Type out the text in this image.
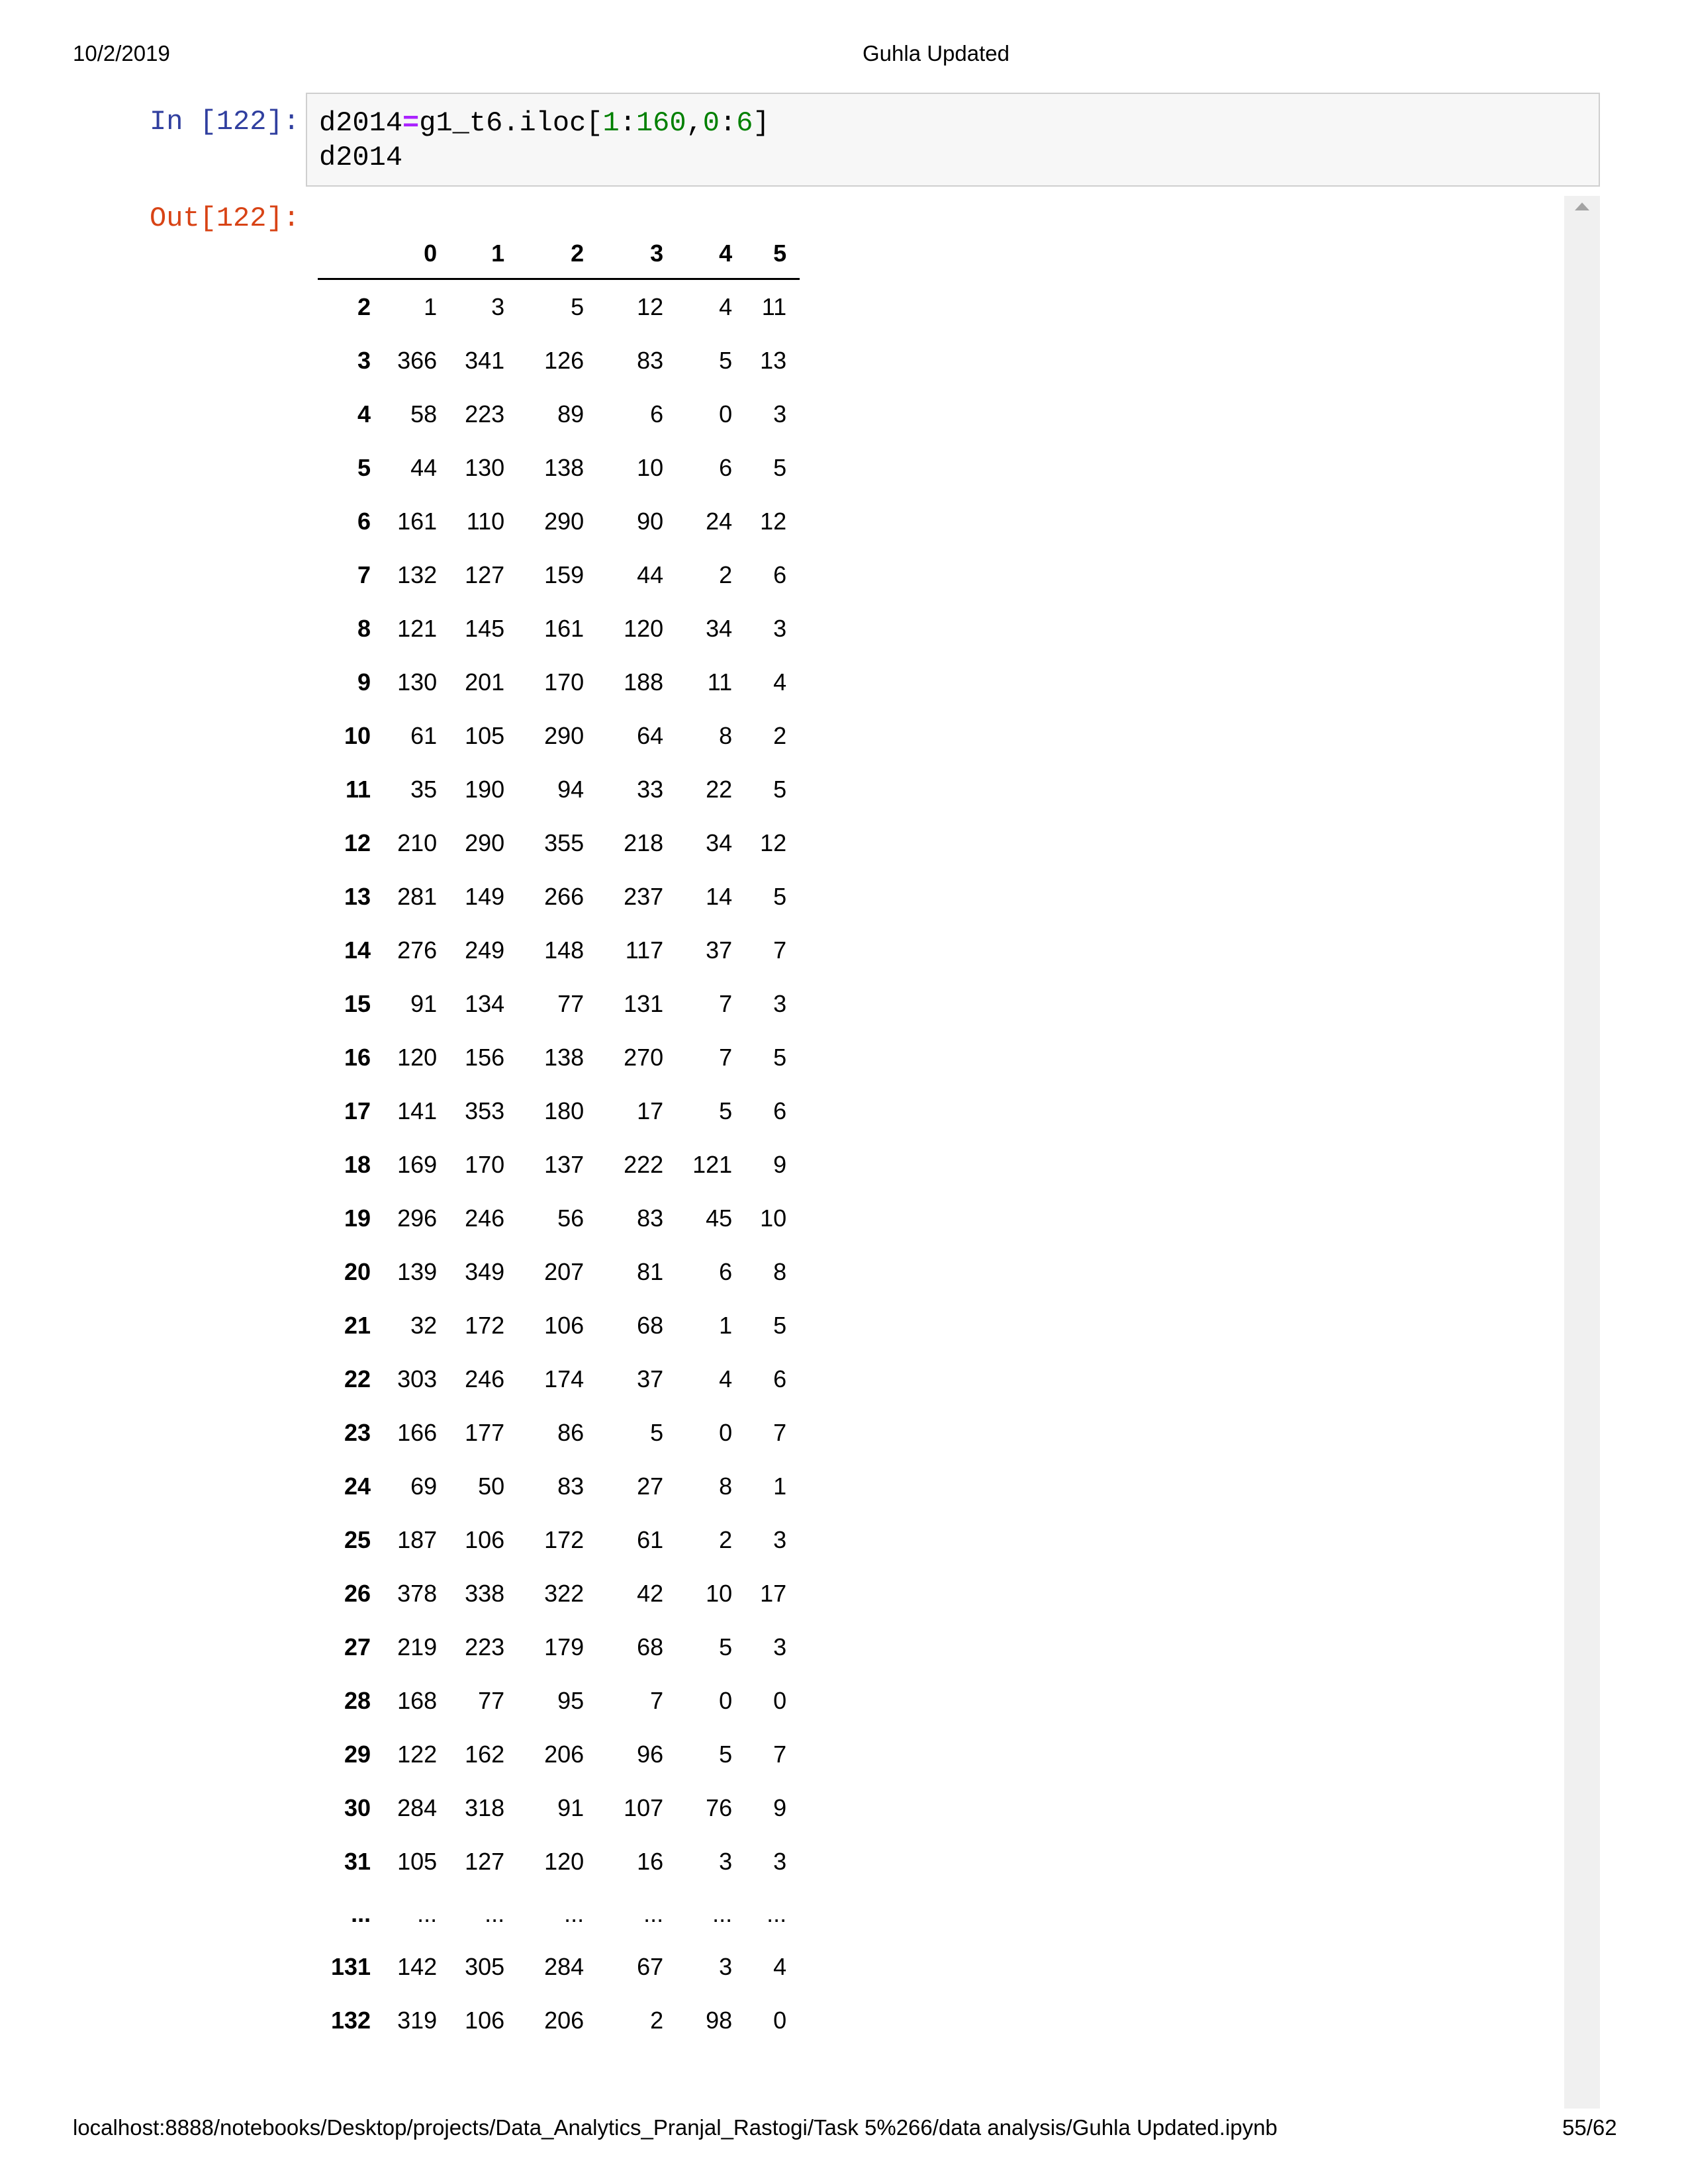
10/2/2019	Guhla Updated
In [122]: d2014=g1_t6.iloc[1:160,0:6]
d2014
Out[122]:
	0	1	2	3	4	5
2	1	3	5	12	4	11
3	366	341	126	83	5	13
4	58	223	89	6	0	3
5	44	130	138	10	6	5
6	161	110	290	90	24	12
7	132	127	159	44	2	6
8	121	145	161	120	34	3
9	130	201	170	188	11	4
10	61	105	290	64	8	2
11	35	190	94	33	22	5
12	210	290	355	218	34	12
13	281	149	266	237	14	5
14	276	249	148	117	37	7
15	91	134	77	131	7	3
16	120	156	138	270	7	5
17	141	353	180	17	5	6
18	169	170	137	222	121	9
19	296	246	56	83	45	10
20	139	349	207	81	6	8
21	32	172	106	68	1	5
22	303	246	174	37	4	6
23	166	177	86	5	0	7
24	69	50	83	27	8	1
25	187	106	172	61	2	3
26	378	338	322	42	10	17
27	219	223	179	68	5	3
28	168	77	95	7	0	0
29	122	162	206	96	5	7
30	284	318	91	107	76	9
31	105	127	120	16	3	3
...	...	...	...	...	...	...
131	142	305	284	67	3	4
132	319	106	206	2	98	0
localhost:8888/notebooks/Desktop/projects/Data_Analytics_Pranjal_Rastogi/Task 5%266/data analysis/Guhla Updated.ipynb	55/62
